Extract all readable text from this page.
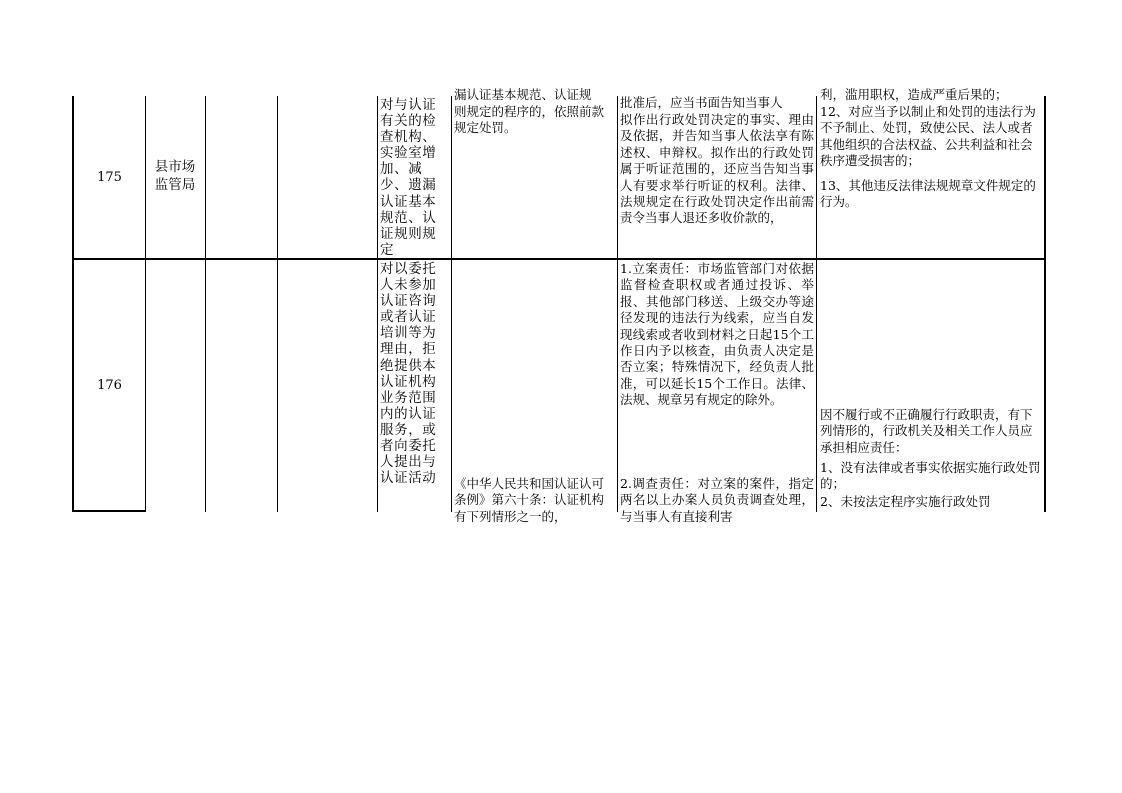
175
县市场监管局
对与认证有关的检查机构、实验室增加、减少、遗漏认证基本规范、认证规则规定
漏认证基本规范、认证规
则规定的程序的，依照前款规定处罚。
批准后，应当书面告知当事人
拟作出行政处罚决定的事实、理由及依据，并告知当事人依法享有陈述权、申辩权。拟作出的行政处罚属于听证范围的，还应当告知当事人有要求举行听证的权利。法律、法规规定在行政处罚决定作出前需责令当事人退还多收价款的，
利，滥用职权，造成严重后果的；
12、对应当予以制止和处罚的违法行为不予制止、处罚，致使公民、法人或者其他组织的合法权益、公共利益和社会秩序遭受损害的；
13、其他违反法律法规规章文件规定的行为。
176
对以委托人未参加认证咨询或者认证培训等为理由，拒绝提供本认证机构业务范围内的认证服务，或者向委托人提出与认证活动	《中华人民共和国认证认可条例》第六十条：认证机构有下列情形之一的，
1.立案责任：市场监管部门对依据监督检查职权或者通过投诉、举报、其他部门移送、上级交办等途径发现的违法行为线索，应当自发现线索或者收到材料之日起15个工作日内予以核查，由负责人决定是否立案；特殊情况下，经负责人批准，可以延长15个工作日。法律、法规、规章另有规定的除外。
2.调查责任：对立案的案件，指定两名以上办案人员负责调查处理，与当事人有直接利害
因不履行或不正确履行行政职责，有下列情形的，行政机关及相关工作人员应承担相应责任：
1、没有法律或者事实依据实施行政处罚的；
2、未按法定程序实施行政处罚
